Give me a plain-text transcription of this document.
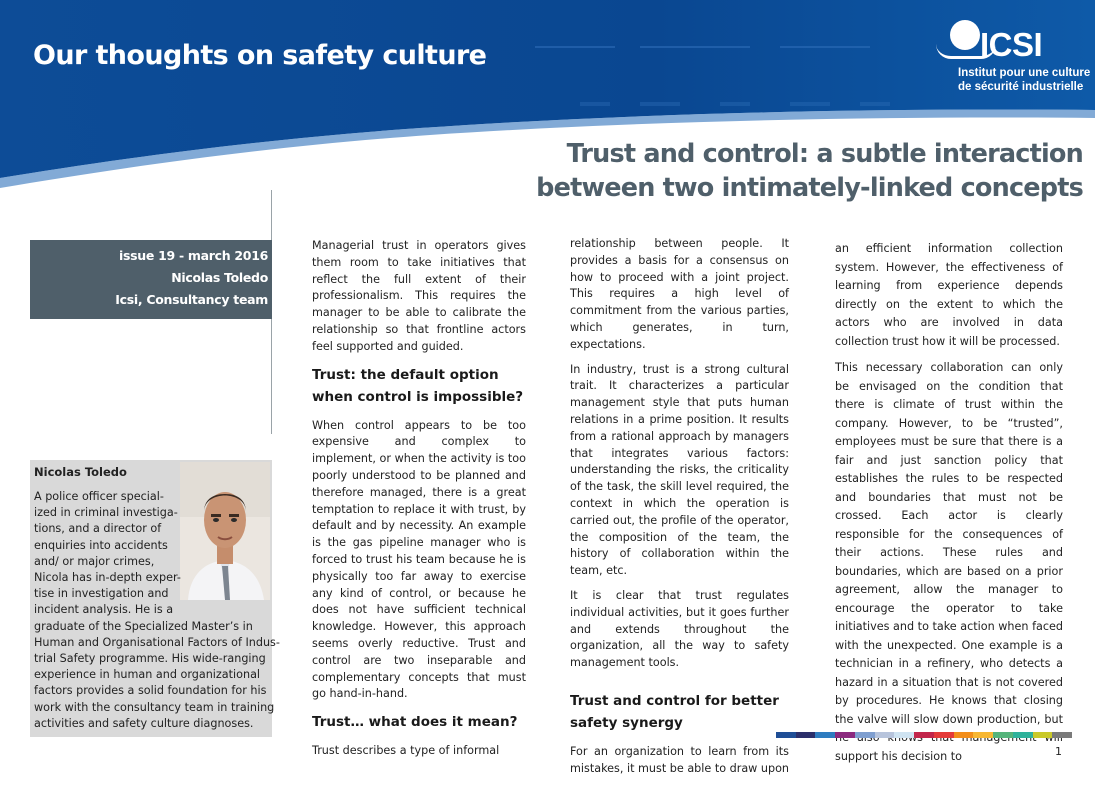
Our thoughts on safety culture	ICSI
Institut pour une culture
de sécurité industrielle
Trust and control: a subtle interaction
between two intimately-linked concepts
issue 19 - march 2016
Nicolas Toledo
Icsi, Consultancy team
Nicolas Toledo
A police officer special-
ized in criminal investiga-
tions, and a director of
enquiries into accidents
and/ or major crimes,
Nicola has in-depth exper-
tise in investigation and
incident analysis. He is a
graduate of the Specialized Master’s in
Human and Organisational Factors of Indus-
trial Safety programme. His wide-ranging
experience in human and organizational
factors provides a solid foundation for his
work with the consultancy team in training
activities and safety culture diagnoses.

Managerial trust in operators gives them room to take initiatives that reflect the full extent of their professionalism. This requires the manager to be able to calibrate the relationship so that frontline actors feel supported and guided.

Trust: the default option when control is impossible?

When control appears to be too expensive and complex to implement, or when the activity is too poorly understood to be planned and therefore managed, there is a great temptation to replace it with trust, by default and by necessity. An example is the gas pipeline manager who is forced to trust his team because he is physically too far away to exercise any kind of control, or because he does not have sufficient technical knowledge. However, this approach seems overly reductive. Trust and control are two inseparable and complementary concepts that must go hand-in-hand.

Trust… what does it mean?

Trust describes a type of informal

relationship between people. It provides a basis for a consensus on how to proceed with a joint project. This requires a high level of commitment from the various parties, which generates, in turn, expectations.

In industry, trust is a strong cultural trait. It characterizes a particular management style that puts human relations in a prime position. It results from a rational approach by managers that integrates various factors: understanding the risks, the criticality of the task, the skill level required, the context in which the operation is carried out, the profile of the operator, the composition of the team, the history of collaboration within the team, etc.

It is clear that trust regulates individual activities, but it goes further and extends throughout the organization, all the way to safety management tools.

Trust and control for better safety synergy

For an organization to learn from its mistakes, it must be able to draw upon

an efficient information collection system. However, the effectiveness of learning from experience depends directly on the extent to which the actors who are involved in data collection trust how it will be processed.

This necessary collaboration can only be envisaged on the condition that there is climate of trust within the company. However, to be “trusted”, employees must be sure that there is a fair and just sanction policy that establishes the rules to be respected and boundaries that must not be crossed. Each actor is clearly responsible for the consequences of their actions. These rules and boundaries, which are based on a prior agreement, allow the manager to encourage the operator to take initiatives and to take action when faced with the unexpected. One example is a technician in a refinery, who detects a hazard in a situation that is not covered by procedures. He knows that closing the valve will slow down production, but support his decision to	1
